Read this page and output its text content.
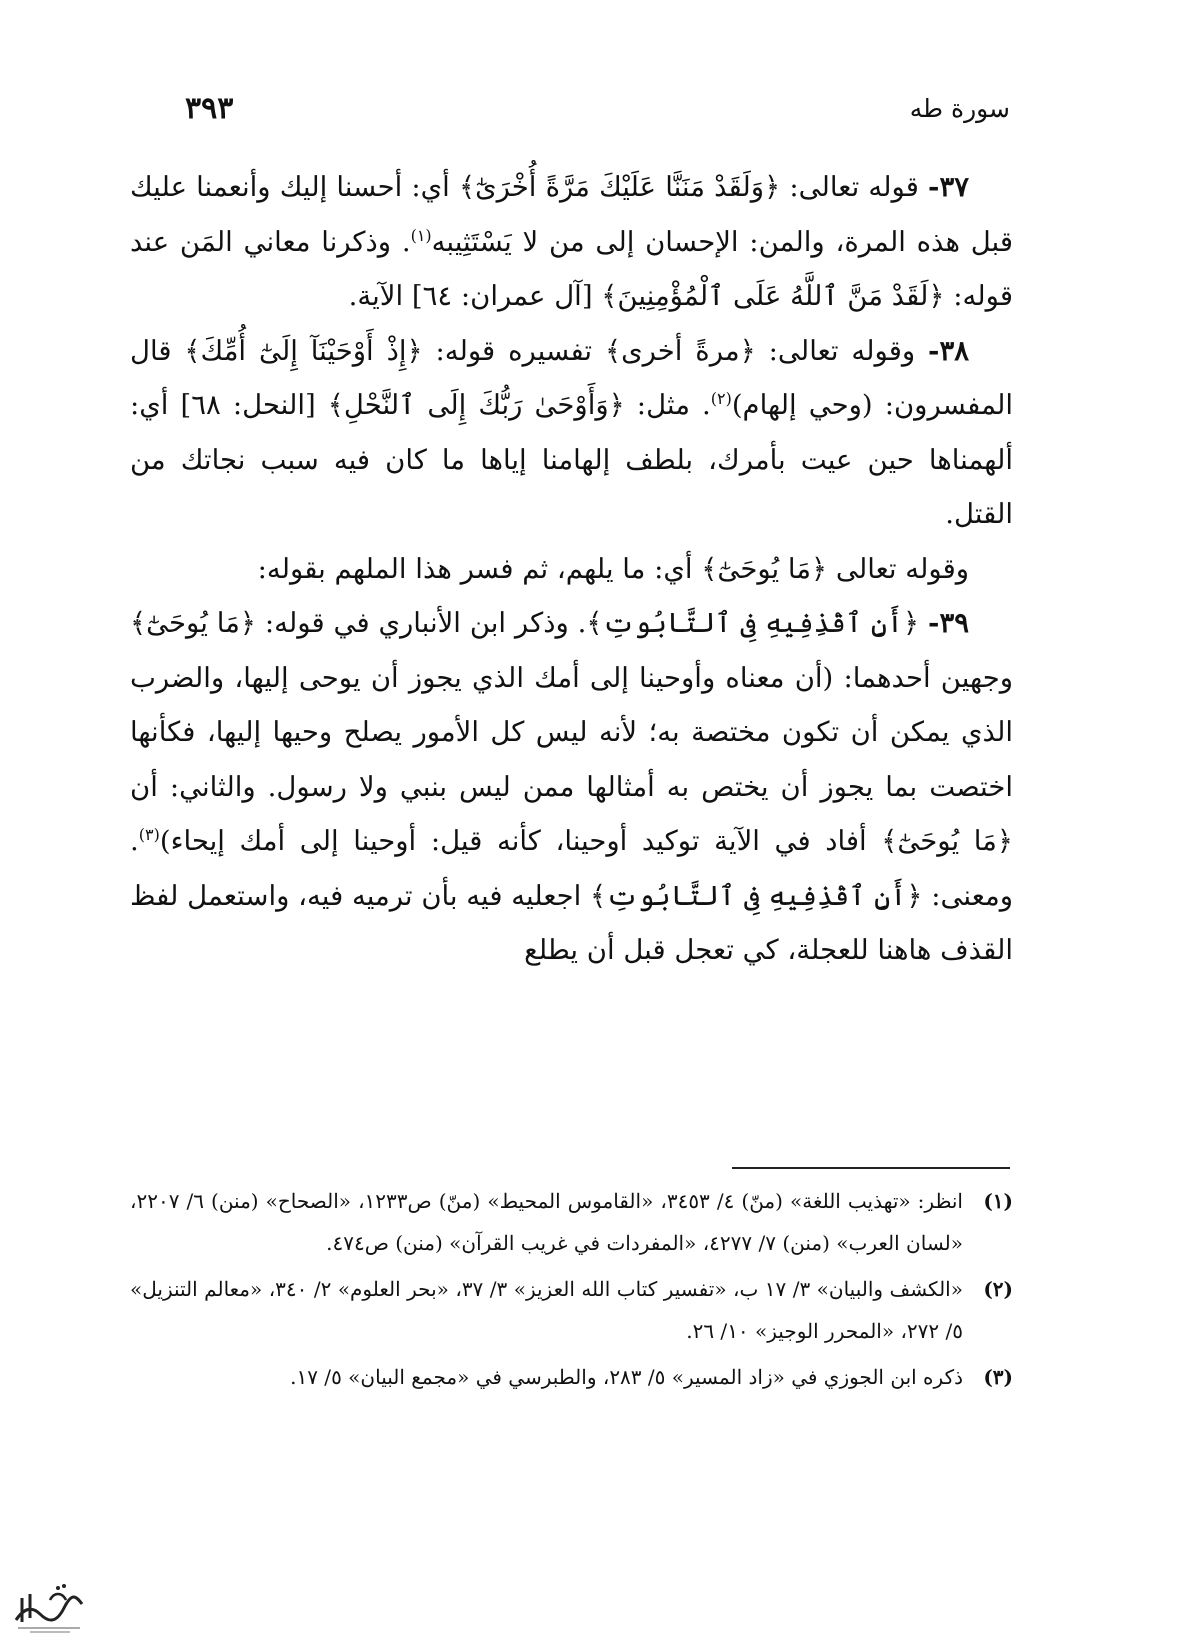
سورة طه
٣٩٣

٣٧- قوله تعالى: ﴿وَلَقَدْ مَنَنَّا عَلَيْكَ مَرَّةً أُخْرَىٰٓ﴾ أي: أحسنا إليك وأنعمنا عليك قبل هذه المرة، والمن: الإحسان إلى من لا يَسْتَثِيبه$^{(١)}$. وذكرنا معاني المَن عند قوله: ﴿لَقَدْ مَنَّ ٱللَّهُ عَلَى ٱلْمُؤْمِنِينَ﴾ [آل عمران: ٦٤] الآية.

٣٨- وقوله تعالى: ﴿مرةً أخرى﴾ تفسيره قوله: ﴿إِذْ أَوْحَيْنَآ إِلَىٰٓ أُمِّكَ﴾ قال المفسرون: (وحي إلهام)$^{(٢)}$. مثل: ﴿وَأَوْحَىٰ رَبُّكَ إِلَى ٱلنَّحْلِ﴾ [النحل: ٦٨] أي: ألهمناها حين عيت بأمرك، بلطف إلهامنا إياها ما كان فيه سبب نجاتك من القتل.

وقوله تعالى ﴿مَا يُوحَىٰٓ﴾ أي: ما يلهم، ثم فسر هذا الملهم بقوله:

٣٩- ﴿أَنِ ٱقْذِفِيهِ فِى ٱلتَّابُوتِ﴾. وذكر ابن الأنباري في قوله: ﴿مَا يُوحَىٰٓ﴾ وجهين أحدهما: (أن معناه وأوحينا إلى أمك الذي يجوز أن يوحى إليها، والضرب الذي يمكن أن تكون مختصة به؛ لأنه ليس كل الأمور يصلح وحيها إليها، فكأنها اختصت بما يجوز أن يختص به أمثالها ممن ليس بنبي ولا رسول. والثاني: أن ﴿مَا يُوحَىٰٓ﴾ أفاد في الآية توكيد أوحينا، كأنه قيل: أوحينا إلى أمك إيحاء)$^{(٣)}$. ومعنى: ﴿أَنِ ٱقْذِفِيهِ فِى ٱلتَّابُوتِ﴾ اجعليه فيه بأن ترميه فيه، واستعمل لفظ القذف هاهنا للعجلة، كي تعجل قبل أن يطلع

(١)
انظر: «تهذيب اللغة» (منّ) ٤/ ٣٤٥٣، «القاموس المحيط» (منّ) ص١٢٣٣، «الصحاح» (منن) ٦/ ٢٢٠٧، «لسان العرب» (منن) ٧/ ٤٢٧٧، «المفردات في غريب القرآن» (منن) ص٤٧٤.
(٢)
«الكشف والبيان» ٣/ ١٧ ب، «تفسير كتاب الله العزيز» ٣/ ٣٧، «بحر العلوم» ٢/ ٣٤٠، «معالم التنزيل» ٥/ ٢٧٢، «المحرر الوجيز» ١٠/ ٢٦.
(٣)
ذكره ابن الجوزي في «زاد المسير» ٥/ ٢٨٣، والطبرسي في «مجمع البيان» ٥/ ١٧.
